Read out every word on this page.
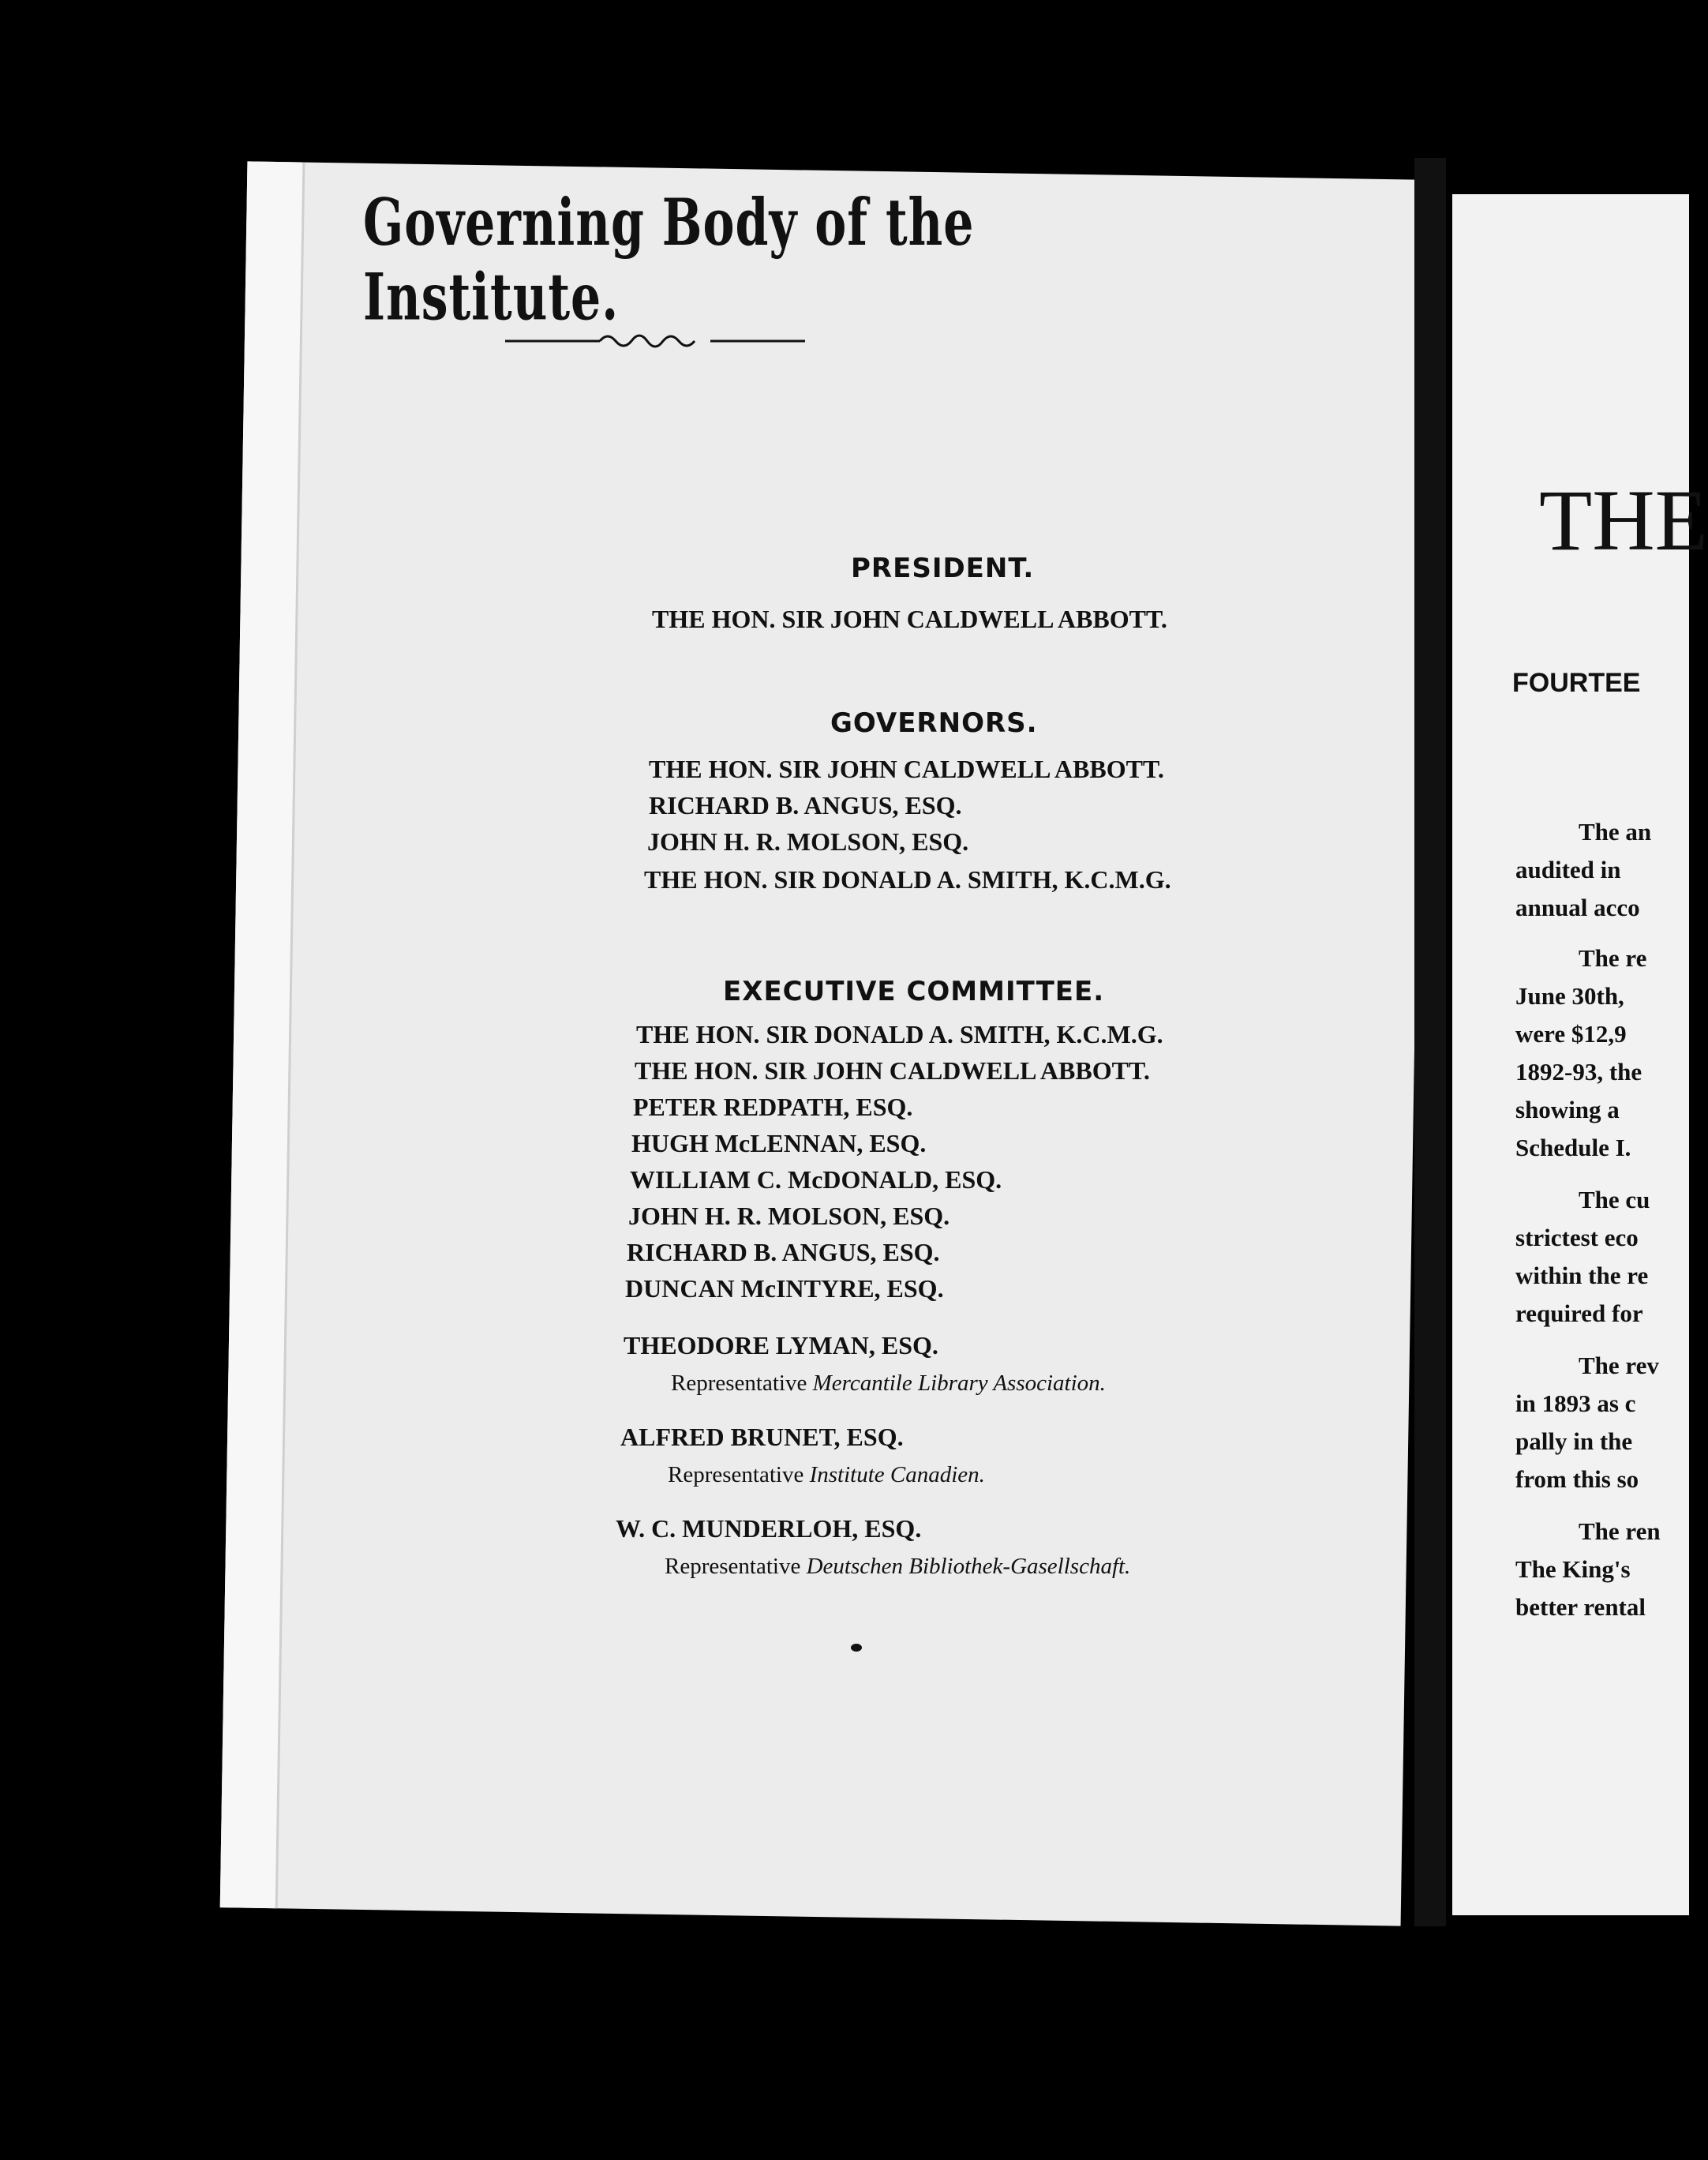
Governing Body of the Institute.
PRESIDENT.
THE HON. SIR JOHN CALDWELL ABBOTT.
GOVERNORS.
THE HON. SIR JOHN CALDWELL ABBOTT.
RICHARD B. ANGUS, ESQ.
JOHN H. R. MOLSON, ESQ.
THE HON. SIR DONALD A. SMITH, K.C.M.G.
EXECUTIVE COMMITTEE.
THE HON. SIR DONALD A. SMITH, K.C.M.G.
THE HON. SIR JOHN CALDWELL ABBOTT.
PETER REDPATH, ESQ.
HUGH McLENNAN, ESQ.
WILLIAM C. McDONALD, ESQ.
JOHN H. R. MOLSON, ESQ.
RICHARD B. ANGUS, ESQ.
DUNCAN McINTYRE, ESQ.
THEODORE LYMAN, ESQ.
Representative Mercantile Library Association.
ALFRED BRUNET, ESQ.
Representative Institute Canadien.
W. C. MUNDERLOH, ESQ.
Representative Deutschen Bibliothek-Gasellschaft.
THE
FOURTEE
The an
audited in
annual acco
The re
June 30th,
were $12,9
1892-93, the
showing a
Schedule I.
The cu
strictest eco
within the re
required for
The rev
in 1893 as c
pally in the
from this so
The ren
The King's
better rental
